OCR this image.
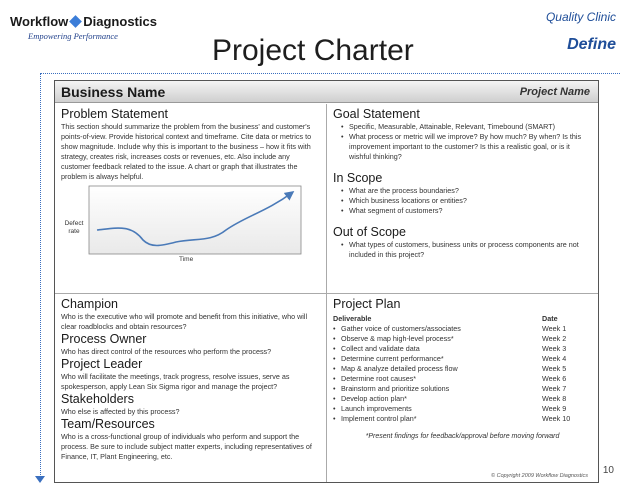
Workflow Diagnostics
Empowering Performance
Quality Clinic
Define
Project Charter
Business Name	Project Name
Problem Statement
This section should summarize the problem from the business' and customer's points-of-view. Provide historical context and timeframe. Cite data or metrics to show magnitude. Include why this is important to the business – how it fits with strategy, creates risk, increases costs or revenues, etc. Also include any customer feedback related to the issue. A chart or graph that illustrates the problem is always helpful.
Defect rate
Time
Goal Statement
• Specific, Measurable, Attainable, Relevant, Timebound (SMART)
• What process or metric will we improve? By how much? By when? Is this improvement important to the customer? Is this a realistic goal, or is it wishful thinking?
In Scope
• What are the process boundaries?
• Which business locations or entities?
• What segment of customers?
Out of Scope
• What types of customers, business units or process components are not included in this project?
Champion
Who is the executive who will promote and benefit from this initiative, who will clear roadblocks and obtain resources?
Process Owner
Who has direct control of the resources who perform the process?
Project Leader
Who will facilitate the meetings, track progress, resolve issues, serve as spokesperson, apply Lean Six Sigma rigor and manage the project?
Stakeholders
Who else is affected by this process?
Team/Resources
Who is a cross-functional group of individuals who perform and support the process. Be sure to include subject matter experts, including representatives of Finance, IT, Plant Engineering, etc.
Project Plan
Deliverable	Date
• Gather voice of customers/associates	Week 1
• Observe & map high-level process*	Week 2
• Collect and validate data	Week 3
• Determine current performance*	Week 4
• Map & analyze detailed process flow	Week 5
• Determine root causes*	Week 6
• Brainstorm and prioritize solutions	Week 7
• Develop action plan*	Week 8
• Launch improvements	Week 9
• Implement control plan*	Week 10
*Present findings for feedback/approval before moving forward
© Copyright 2009 Workflow Diagnostics 10
